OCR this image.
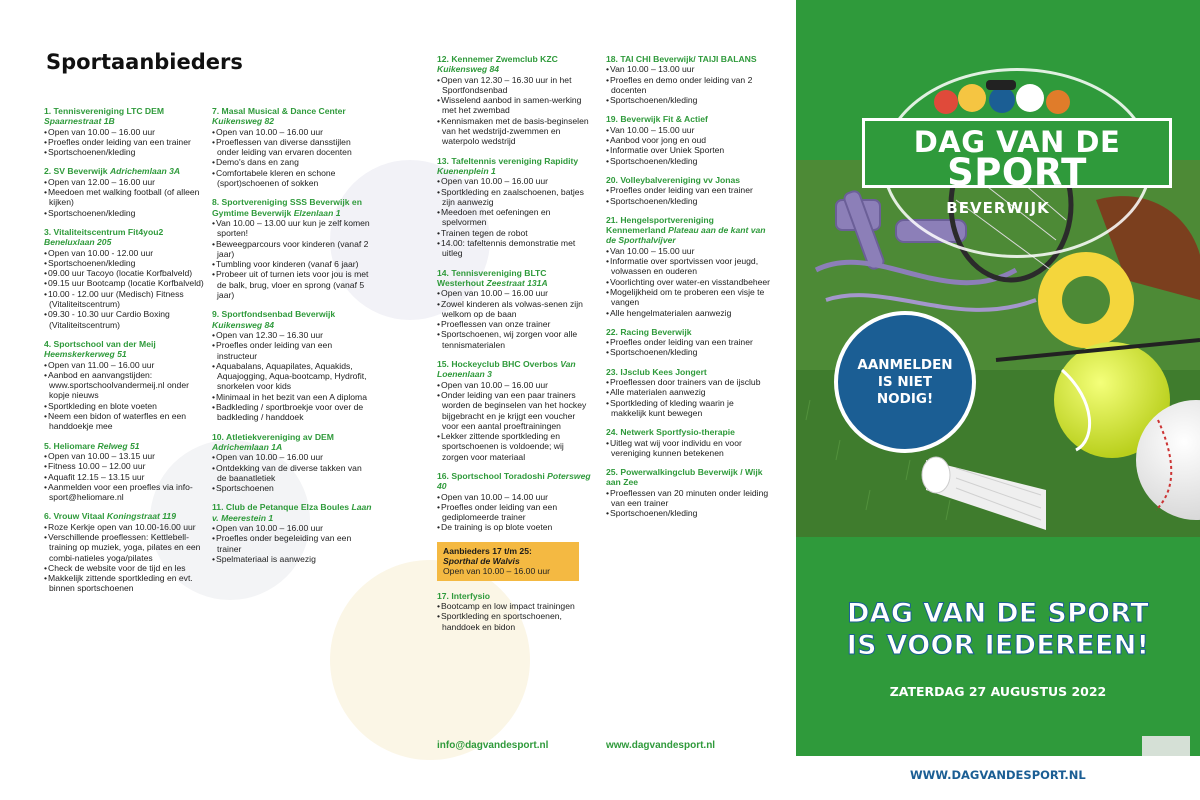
Sportaanbieders
1. Tennisvereniging LTC DEM Spaarnestraat 1B
• Open van 10.00 – 16.00 uur
• Proefles onder leiding van een trainer
• Sportschoenen/kleding
2. SV Beverwijk Adrichemlaan 3A
• Open van 12.00 – 16.00 uur
• Meedoen met walking football (of alleen kijken)
• Sportschoenen/kleding
3. Vitaliteitscentrum Fit4you2 Beneluxlaan 205
• Open van 10.00 - 12.00 uur
• Sportschoenen/kleding
• 09.00 uur Tacoyo (locatie Korfbalveld)
• 09.15 uur Bootcamp (locatie Korfbalveld)
• 10.00 - 12.00 uur (Medisch) Fitness (Vitaliteitscentrum)
• 09.30 - 10.30 uur Cardio Boxing (Vitaliteitscentrum)
4. Sportschool van der Meij Heemskerkerweg 51
• Open van 11.00 – 16.00 uur
• Aanbod en aanvangstijden: www.sportschoolvandermeij.nl onder kopje nieuws
• Sportkleding en blote voeten
• Neem een bidon of waterfles en een handdoekje mee
5. Heliomare Relweg 51
• Open van 10.00 – 13.15 uur
• Fitness 10.00 – 12.00 uur
• Aquafit 12.15 – 13.15 uur
• Aanmelden voor een proefles via info-sport@heliomare.nl
6. Vrouw Vitaal Koningstraat 119
• Roze Kerkje open van 10.00-16.00 uur
• Verschillende proeflessen: Kettlebell-training op muziek, yoga, pilates en een combi-natieles yoga/pilates
• Check de website voor de tijd en les
• Makkelijk zittende sportkleding en evt. binnen sportschoenen
7. Masal Musical & Dance Center Kuikensweg 82
• Open van 10.00 – 16.00 uur
• Proeflessen van diverse dansstijlen onder leiding van ervaren docenten
• Demo's dans en zang
• Comfortabele kleren en schone (sport)schoenen of sokken
8. Sportvereniging SSS Beverwijk en Gymtime Beverwijk Elzenlaan 1
• Van 10.00 – 13.00 uur kun je zelf komen sporten!
• Beweegparcours voor kinderen (vanaf 2 jaar)
• Tumbling voor kinderen (vanaf 6 jaar)
• Probeer uit of turnen iets voor jou is met de balk, brug, vloer en sprong (vanaf 5 jaar)
9. Sportfondsenbad Beverwijk Kuikensweg 84
• Open van 12.30 – 16.30 uur
• Proefles onder leiding van een instructeur
• Aquabalans, Aquapilates, Aquakids, Aquajogging, Aqua-bootcamp, Hydrofit, snorkelen voor kids
• Minimaal in het bezit van een A diploma
• Badkleding / sportbroekje voor over de badkleding / handdoek
10. Atletiekvereniging av DEM Adrichemlaan 1A
• Open van 10.00 – 16.00 uur
• Ontdekking van de diverse takken van de baanatletiek
• Sportschoenen
11. Club de Petanque Elza Boules Laan v. Meerestein 1
• Open van 10.00 – 16.00 uur
• Proefles onder begeleiding van een trainer
• Spelmateriaal is aanwezig
12. Kennemer Zwemclub KZC Kuikensweg 84
• Open van 12.30 – 16.30 uur in het Sportfondsenbad
• Wisselend aanbod in samen-werking met het zwembad
• Kennismaken met de basis-beginselen van het wedstrijd-zwemmen en waterpolo wedstrijd
13. Tafeltennis vereniging Rapidity Kuenenplein 1
• Open van 10.00 – 16.00 uur
• Sportkleding en zaalschoenen, batjes zijn aanwezig
• Meedoen met oefeningen en spelvormen
• Trainen tegen de robot
• 14.00: tafeltennis demonstratie met uitleg
14. Tennisvereniging BLTC Westerhout Zeestraat 131A
• Open van 10.00 – 16.00 uur
• Zowel kinderen als volwas-senen zijn welkom op de baan
• Proeflessen van onze trainer
• Sportschoenen, wij zorgen voor alle tennismaterialen
15. Hockeyclub BHC Overbos Van Loenenlaan 3
• Open van 10.00 – 16.00 uur
• Onder leiding van een paar trainers worden de beginselen van het hockey bijgebracht en je krijgt een voucher voor een aantal proeftrainingen
• Lekker zittende sportkleding en sportschoenen is voldoende; wij zorgen voor materiaal
16. Sportschool Toradoshi Potersweg 40
• Open van 10.00 – 14.00 uur
• Proefles onder leiding van een gediplomeerde trainer
• De training is op blote voeten
Aanbieders 17 t/m 25:
Sporthal de Walvis
Open van 10.00 – 16.00 uur
17. Interfysio
• Bootcamp en low impact trainingen
• Sportkleding en sportschoenen, handdoek en bidon
18. TAI CHI Beverwijk/ TAIJI BALANS
• Van 10.00 – 13.00 uur
• Proefles en demo onder leiding van 2 docenten
• Sportschoenen/kleding
19. Beverwijk Fit & Actief
• Van 10.00 – 15.00 uur
• Aanbod voor jong en oud
• Informatie over Uniek Sporten
• Sportschoenen/kleding
20. Volleybalvereniging vv Jonas
• Proefles onder leiding van een trainer
• Sportschoenen/kleding
21. Hengelsportvereniging Kennemerland Plateau aan de kant van de Sporthalvijver
• Van 10.00 – 15.00 uur
• Informatie over sportvissen voor jeugd, volwassen en ouderen
• Voorlichting over water-en visstandbeheer
• Mogelijkheid om te proberen een visje te vangen
• Alle hengelmaterialen aanwezig
22. Racing Beverwijk
• Proefles onder leiding van een trainer
• Sportschoenen/kleding
23. IJsclub Kees Jongert
• Proeflessen door trainers van de ijsclub
• Alle materialen aanwezig
• Sportkleding of kleding waarin je makkelijk kunt bewegen
24. Netwerk Sportfysio-therapie
• Uitleg wat wij voor individu en voor vereniging kunnen betekenen
25. Powerwalkingclub Beverwijk / Wijk aan Zee
• Proeflessen van 20 minuten onder leiding van een trainer
• Sportschoenen/kleding
info@dagvandesport.nl	www.dagvandesport.nl
DAG VAN DE
SPORT
BEVERWIJK
AANMELDEN IS NIET NODIG!
DAG VAN DE SPORT
IS VOOR IEDEREEN!
ZATERDAG 27 AUGUSTUS 2022
WWW.DAGVANDESPORT.NL
